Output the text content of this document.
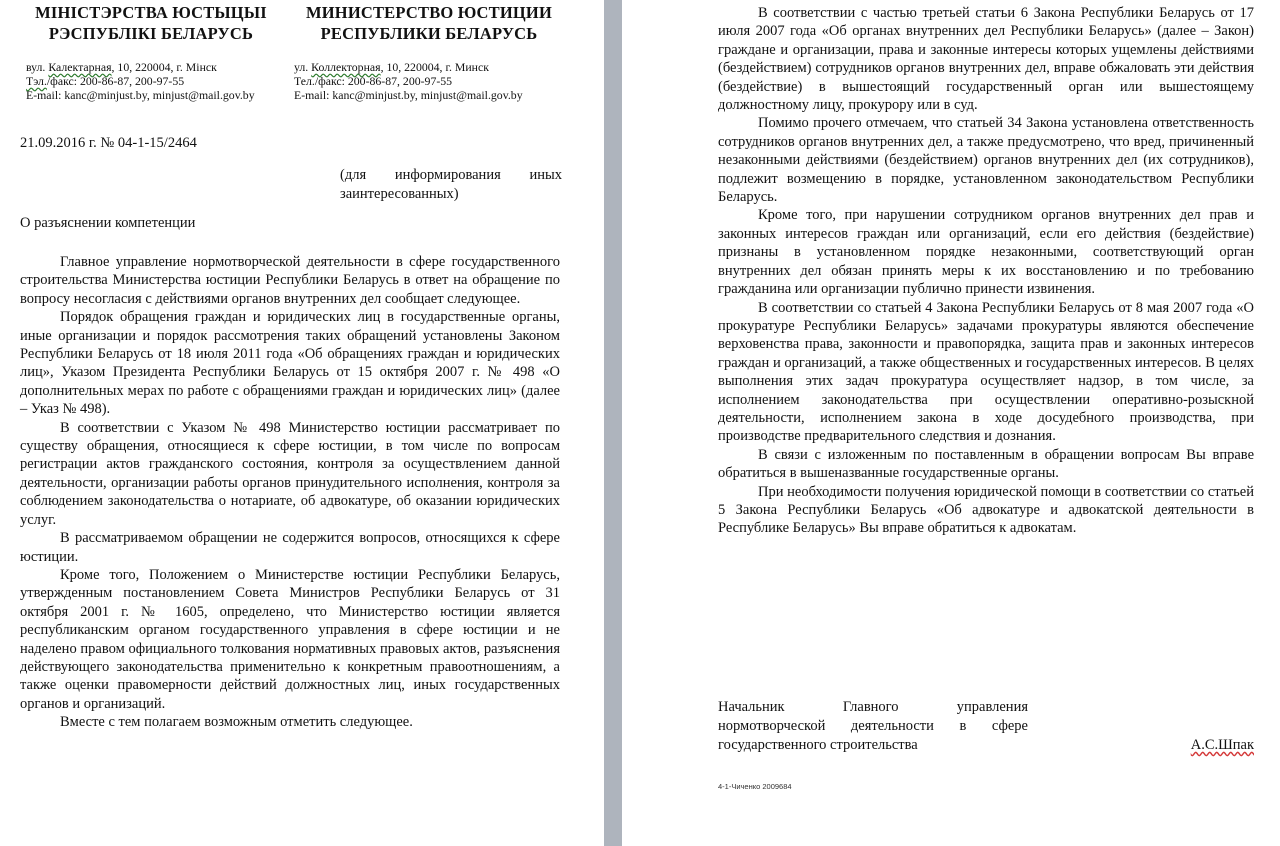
МІНІСТЭРСТВА ЮСТЫЦЫІ
РЭСПУБЛІКІ БЕЛАРУСЬ
вул. Калектарная, 10, 220004, г. Мінск
Тэл./факс: 200-86-87, 200-97-55
E-mail: kanc@minjust.by, minjust@mail.gov.by
МИНИСТЕРСТВО ЮСТИЦИИ
РЕСПУБЛИКИ БЕЛАРУСЬ
ул. Коллекторная, 10, 220004, г. Минск
Тел./факс: 200-86-87, 200-97-55
E-mail: kanc@minjust.by, minjust@mail.gov.by
21.09.2016 г. № 04-1-15/2464
(для информирования иных заинтересованных)
О разъяснении компетенции

Главное управление нормотворческой деятельности в сфере государственного строительства Министерства юстиции Республики Беларусь в ответ на обращение по вопросу несогласия с действиями органов внутренних дел сообщает следующее.

Порядок обращения граждан и юридических лиц в государственные органы, иные организации и порядок рассмотрения таких обращений установлены Законом Республики Беларусь от 18 июля 2011 года «Об обращениях граждан и юридических лиц», Указом Президента Республики Беларусь от 15 октября 2007 г. № 498 «О дополнительных мерах по работе с обращениями граждан и юридических лиц» (далее – Указ № 498).

В соответствии с Указом № 498 Министерство юстиции рассматривает по существу обращения, относящиеся к сфере юстиции, в том числе по вопросам регистрации актов гражданского состояния, контроля за осуществлением данной деятельности, организации работы органов принудительного исполнения, контроля за соблюдением законодательства о нотариате, об адвокатуре, об оказании юридических услуг.

В рассматриваемом обращении не содержится вопросов, относящихся к сфере юстиции.

Кроме того, Положением о Министерстве юстиции Республики Беларусь, утвержденным постановлением Совета Министров Республики Беларусь от 31 октября 2001 г. № 1605, определено, что Министерство юстиции является республиканским органом государственного управления в сфере юстиции и не наделено правом официального толкования нормативных правовых актов, разъяснения действующего законодательства применительно к конкретным правоотношениям, а также оценки правомерности действий должностных лиц, иных государственных органов и организаций.

Вместе с тем полагаем возможным отметить следующее.

В соответствии с частью третьей статьи 6 Закона Республики Беларусь от 17 июля 2007 года «Об органах внутренних дел Республики Беларусь» (далее – Закон) граждане и организации, права и законные интересы которых ущемлены действиями (бездействием) сотрудников органов внутренних дел, вправе обжаловать эти действия (бездействие) в вышестоящий государственный орган или вышестоящему должностному лицу, прокурору или в суд.

Помимо прочего отмечаем, что статьей 34 Закона установлена ответственность сотрудников органов внутренних дел, а также предусмотрено, что вред, причиненный незаконными действиями (бездействием) органов внутренних дел (их сотрудников), подлежит возмещению в порядке, установленном законодательством Республики Беларусь.

Кроме того, при нарушении сотрудником органов внутренних дел прав и законных интересов граждан или организаций, если его действия (бездействие) признаны в установленном порядке незаконными, соответствующий орган внутренних дел обязан принять меры к их восстановлению и по требованию гражданина или организации публично принести извинения.

В соответствии со статьей 4 Закона Республики Беларусь от 8 мая 2007 года «О прокуратуре Республики Беларусь» задачами прокуратуры являются обеспечение верховенства права, законности и правопорядка, защита прав и законных интересов граждан и организаций, а также общественных и государственных интересов. В целях выполнения этих задач прокуратура осуществляет надзор, в том числе, за исполнением законодательства при осуществлении оперативно-розыскной деятельности, исполнением закона в ходе досудебного производства, при производстве предварительного следствия и дознания.

В связи с изложенным по поставленным в обращении вопросам Вы вправе обратиться в вышеназванные государственные органы.

При необходимости получения юридической помощи в соответствии со статьей 5 Закона Республики Беларусь «Об адвокатуре и адвокатской деятельности в Республике Беларусь» Вы вправе обратиться к адвокатам.

Начальник Главного управления
нормотворческой деятельности в сфере
государственного строительства	А.С.Шпак
4-1-Чиченко 2009684
